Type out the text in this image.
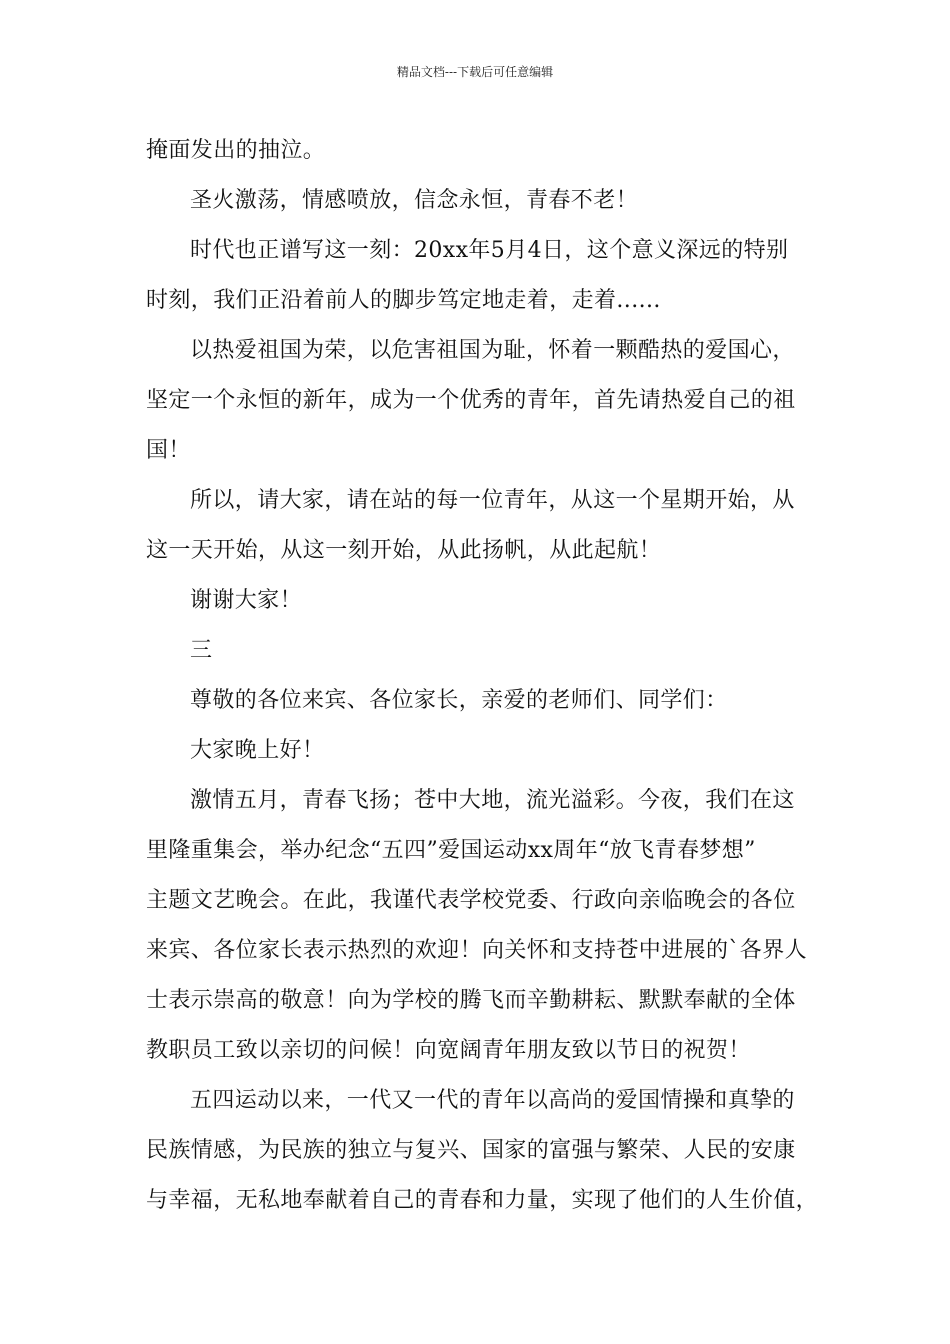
精品文档---下载后可任意编辑
掩面发出的抽泣。
圣火激荡，情感喷放，信念永恒，青春不老！
时代也正谱写这一刻：20xx年5月4日，这个意义深远的特别
时刻，我们正沿着前人的脚步笃定地走着，走着......
以热爱祖国为荣，以危害祖国为耻，怀着一颗酷热的爱国心，
坚定一个永恒的新年，成为一个优秀的青年，首先请热爱自己的祖
国！
所以，请大家，请在站的每一位青年，从这一个星期开始，从
这一天开始，从这一刻开始，从此扬帆，从此起航！
谢谢大家！
三
尊敬的各位来宾、各位家长，亲爱的老师们、同学们：
大家晚上好！
激情五月，青春飞扬；苍中大地，流光溢彩。今夜，我们在这
里隆重集会，举办纪念“五四”爱国运动xx周年“放飞青春梦想”
主题文艺晚会。在此，我谨代表学校党委、行政向亲临晚会的各位
来宾、各位家长表示热烈的欢迎！向关怀和支持苍中进展的`各界人
士表示崇高的敬意！向为学校的腾飞而辛勤耕耘、默默奉献的全体
教职员工致以亲切的问候！向宽阔青年朋友致以节日的祝贺！
五四运动以来，一代又一代的青年以高尚的爱国情操和真挚的
民族情感，为民族的独立与复兴、国家的富强与繁荣、人民的安康
与幸福，无私地奉献着自己的青春和力量，实现了他们的人生价值，
